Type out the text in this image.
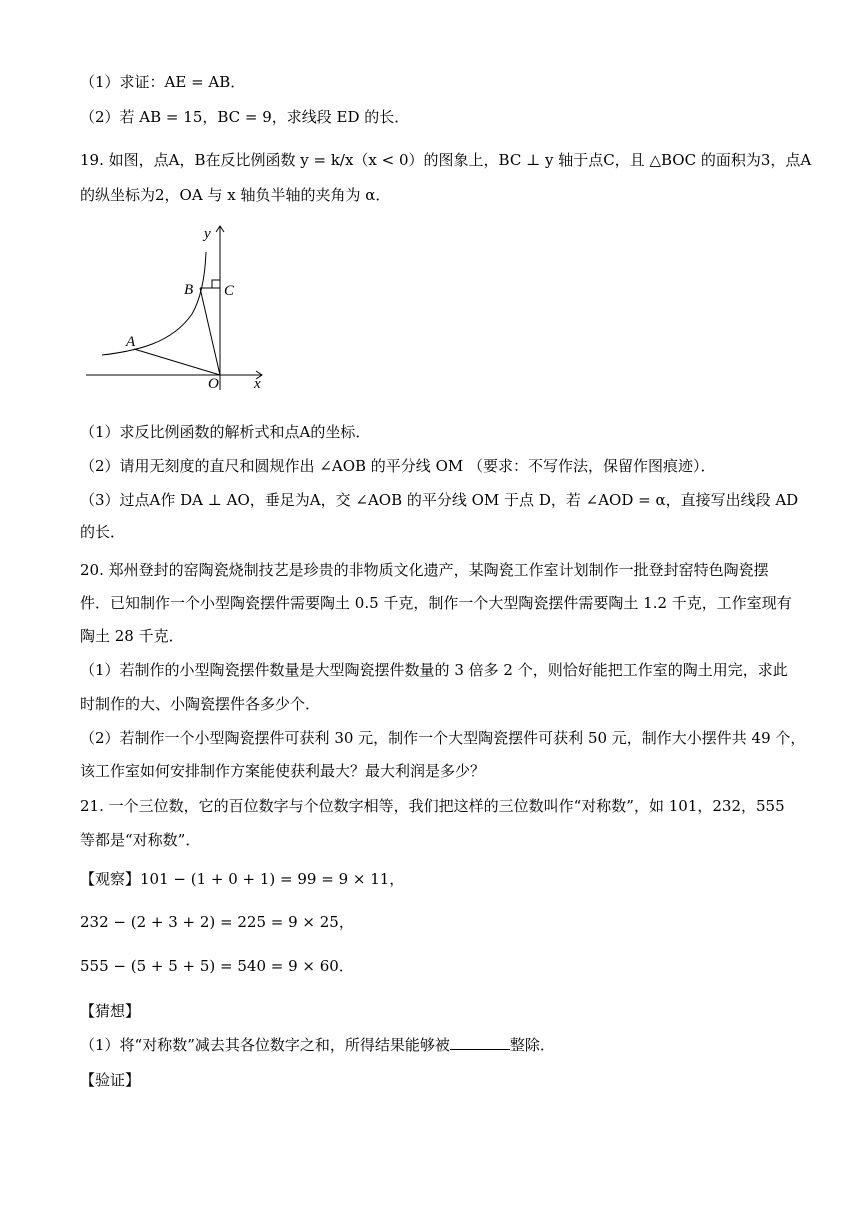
（1）求证：AE = AB．
（2）若 AB = 15，BC = 9，求线段 ED 的长．
19. 如图，点A，B在反比例函数 y = k/x（x < 0）的图象上，BC ⊥ y 轴于点C，且 △BOC 的面积为3，点A
的纵坐标为2，OA 与 x 轴负半轴的夹角为 α．
y
x
B C
A
O
（1）求反比例函数的解析式和点A的坐标．
（2）请用无刻度的直尺和圆规作出 ∠AOB 的平分线 OM （要求：不写作法，保留作图痕迹）．
（3）过点A作 DA ⊥ AO，垂足为A，交 ∠AOB 的平分线 OM 于点 D，若 ∠AOD = α，直接写出线段 AD
的长．
20. 郑州登封的窑陶瓷烧制技艺是珍贵的非物质文化遗产，某陶瓷工作室计划制作一批登封窑特色陶瓷摆
件．已知制作一个小型陶瓷摆件需要陶土 0.5 千克，制作一个大型陶瓷摆件需要陶土 1.2 千克，工作室现有
陶土 28 千克．
（1）若制作的小型陶瓷摆件数量是大型陶瓷摆件数量的 3 倍多 2 个，则恰好能把工作室的陶土用完，求此
时制作的大、小陶瓷摆件各多少个．
（2）若制作一个小型陶瓷摆件可获利 30 元，制作一个大型陶瓷摆件可获利 50 元，制作大小摆件共 49 个，
该工作室如何安排制作方案能使获利最大？最大利润是多少？
21. 一个三位数，它的百位数字与个位数字相等，我们把这样的三位数叫作“对称数”，如 101，232，555
等都是“对称数”．
【观察】101 − (1 + 0 + 1) = 99 = 9 × 11，
232 − (2 + 3 + 2) = 225 = 9 × 25，
555 − (5 + 5 + 5) = 540 = 9 × 60．
【猜想】
（1）将“对称数”减去其各位数字之和，所得结果能够被	整除．
【验证】
